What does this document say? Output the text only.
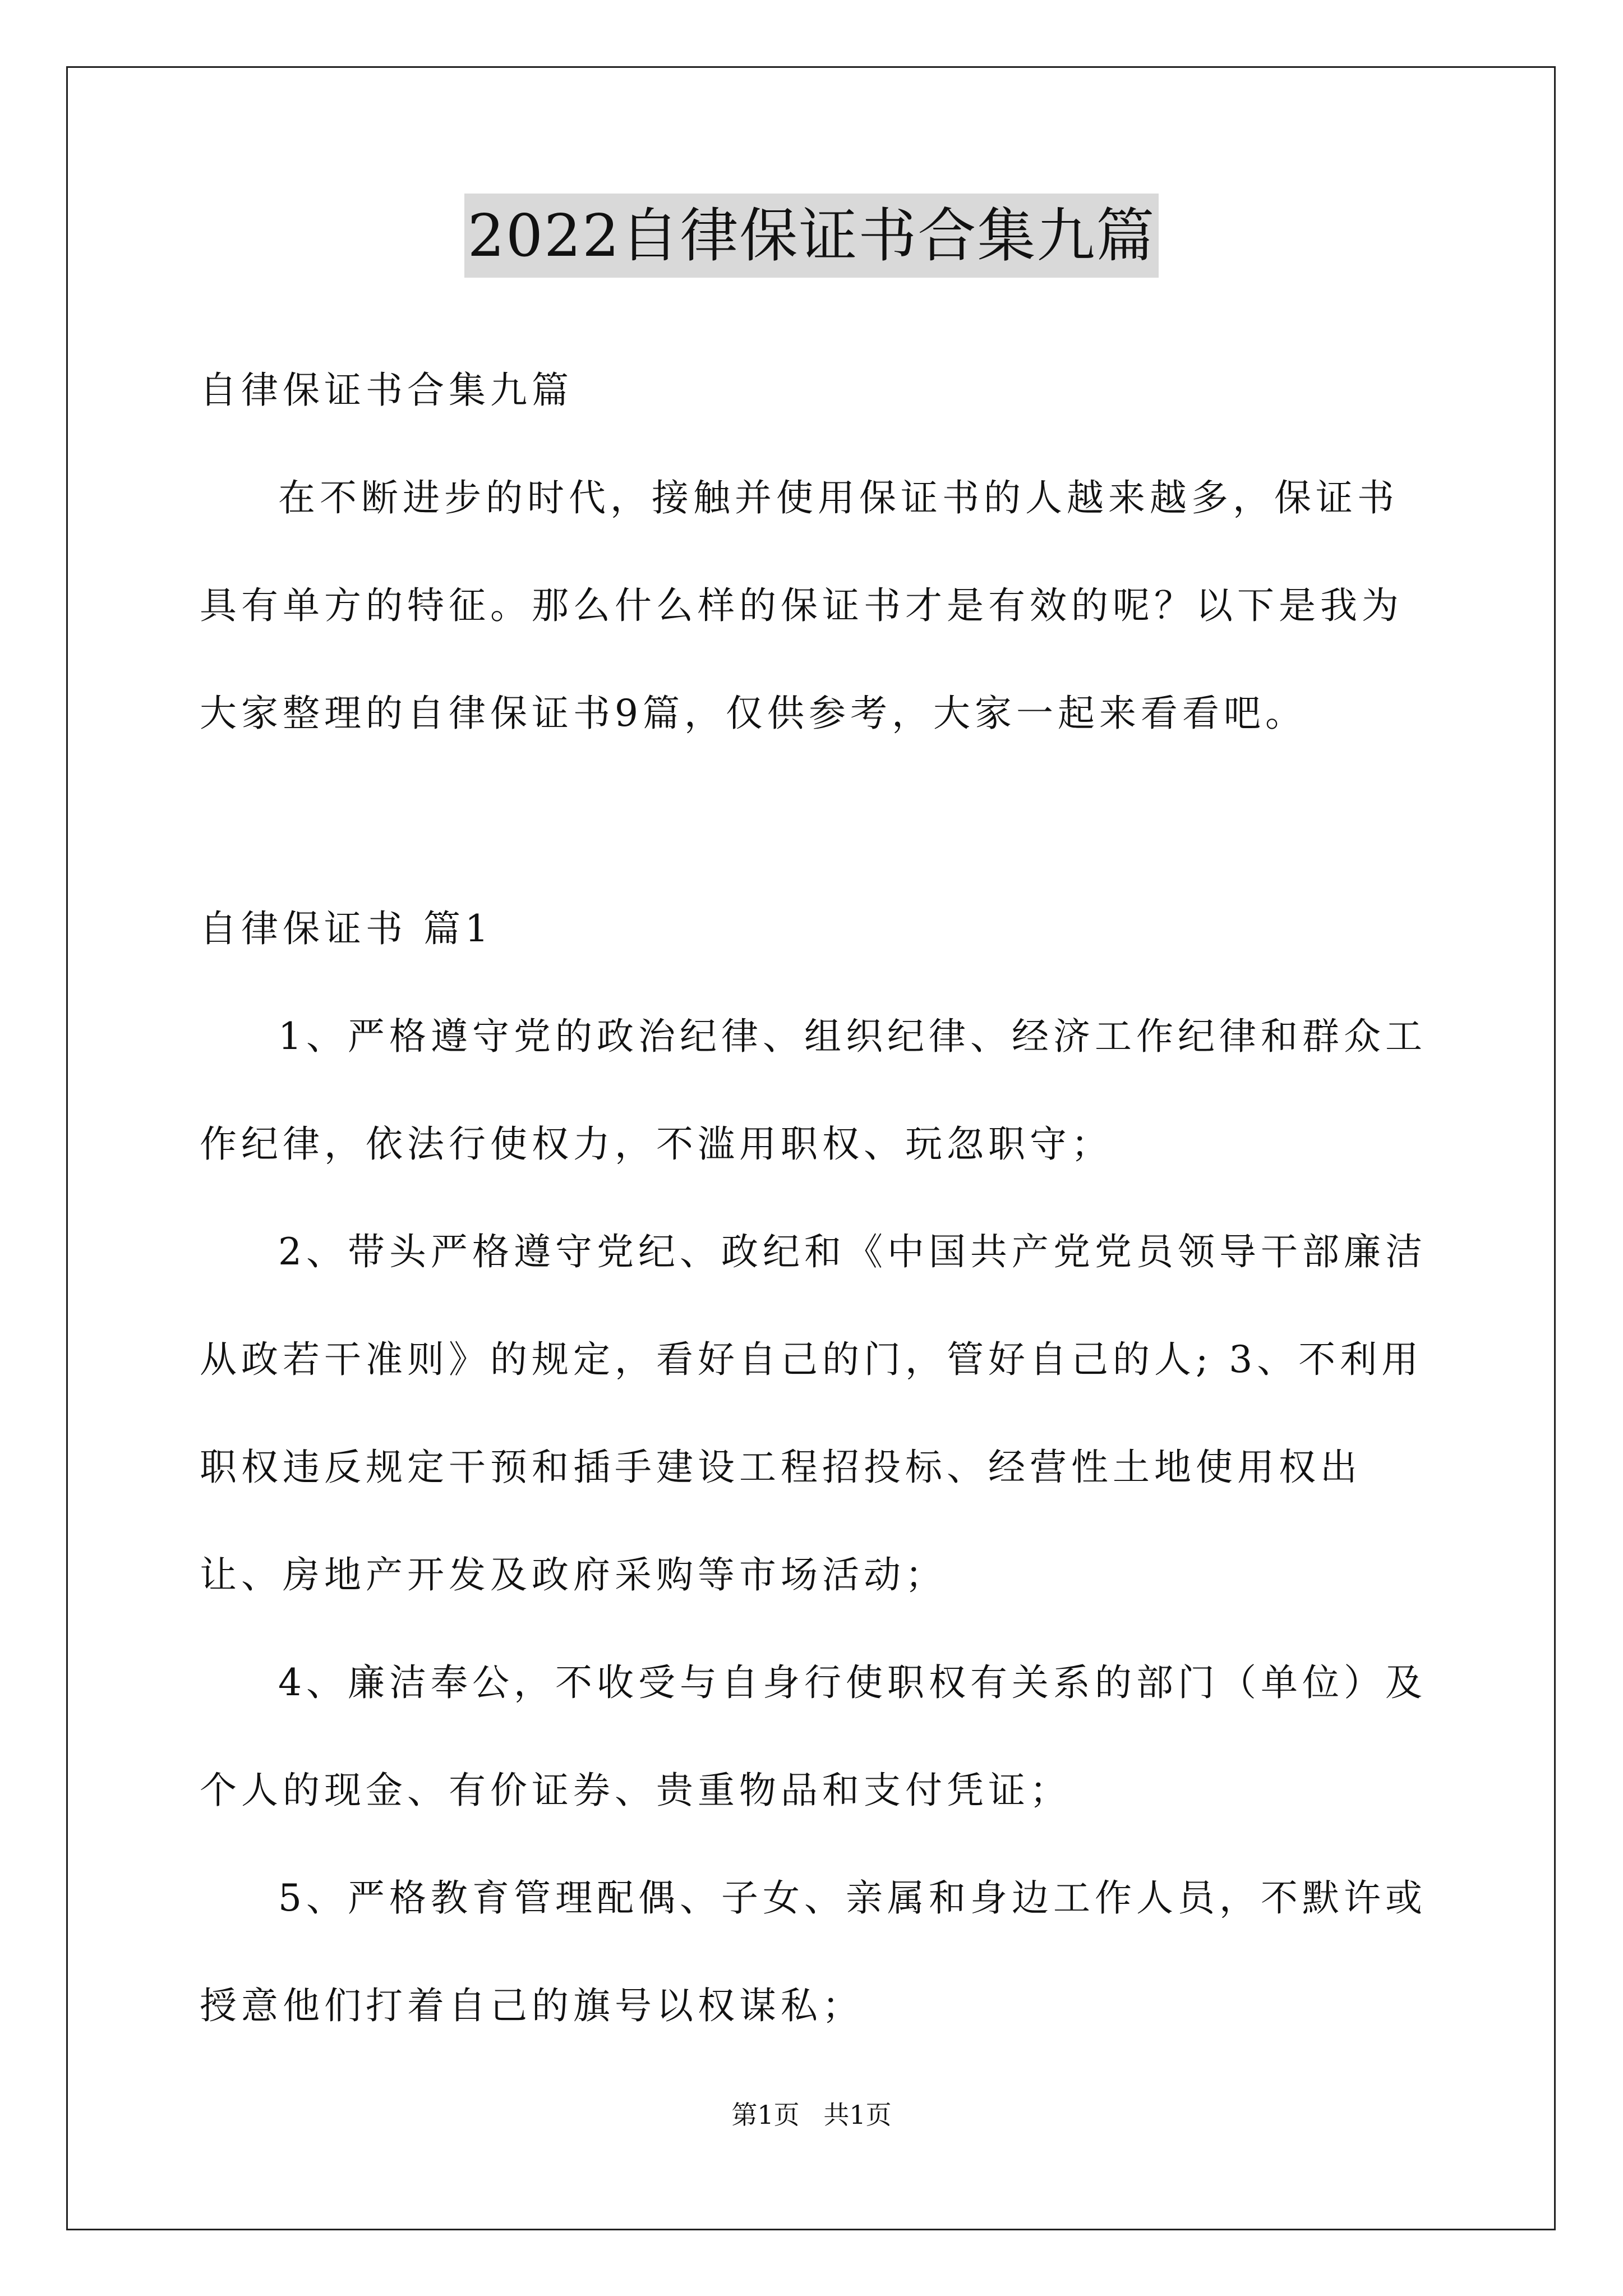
2022自律保证书合集九篇

自律保证书合集九篇

在不断进步的时代，接触并使用保证书的人越来越多，保证书具有单方的特征。那么什么样的保证书才是有效的呢？以下是我为大家整理的自律保证书9篇，仅供参考，大家一起来看看吧。

自律保证书 篇1

1、严格遵守党的政治纪律、组织纪律、经济工作纪律和群众工作纪律，依法行使权力，不滥用职权、玩忽职守；

2、带头严格遵守党纪、政纪和《中国共产党党员领导干部廉洁从政若干准则》的规定，看好自己的门，管好自己的人; 3、不利用职权违反规定干预和插手建设工程招投标、经营性土地使用权出让、房地产开发及政府采购等市场活动；

4、廉洁奉公，不收受与自身行使职权有关系的部门（单位）及个人的现金、有价证券、贵重物品和支付凭证；

5、严格教育管理配偶、子女、亲属和身边工作人员，不默许或授意他们打着自己的旗号以权谋私；

第1页 共1页
